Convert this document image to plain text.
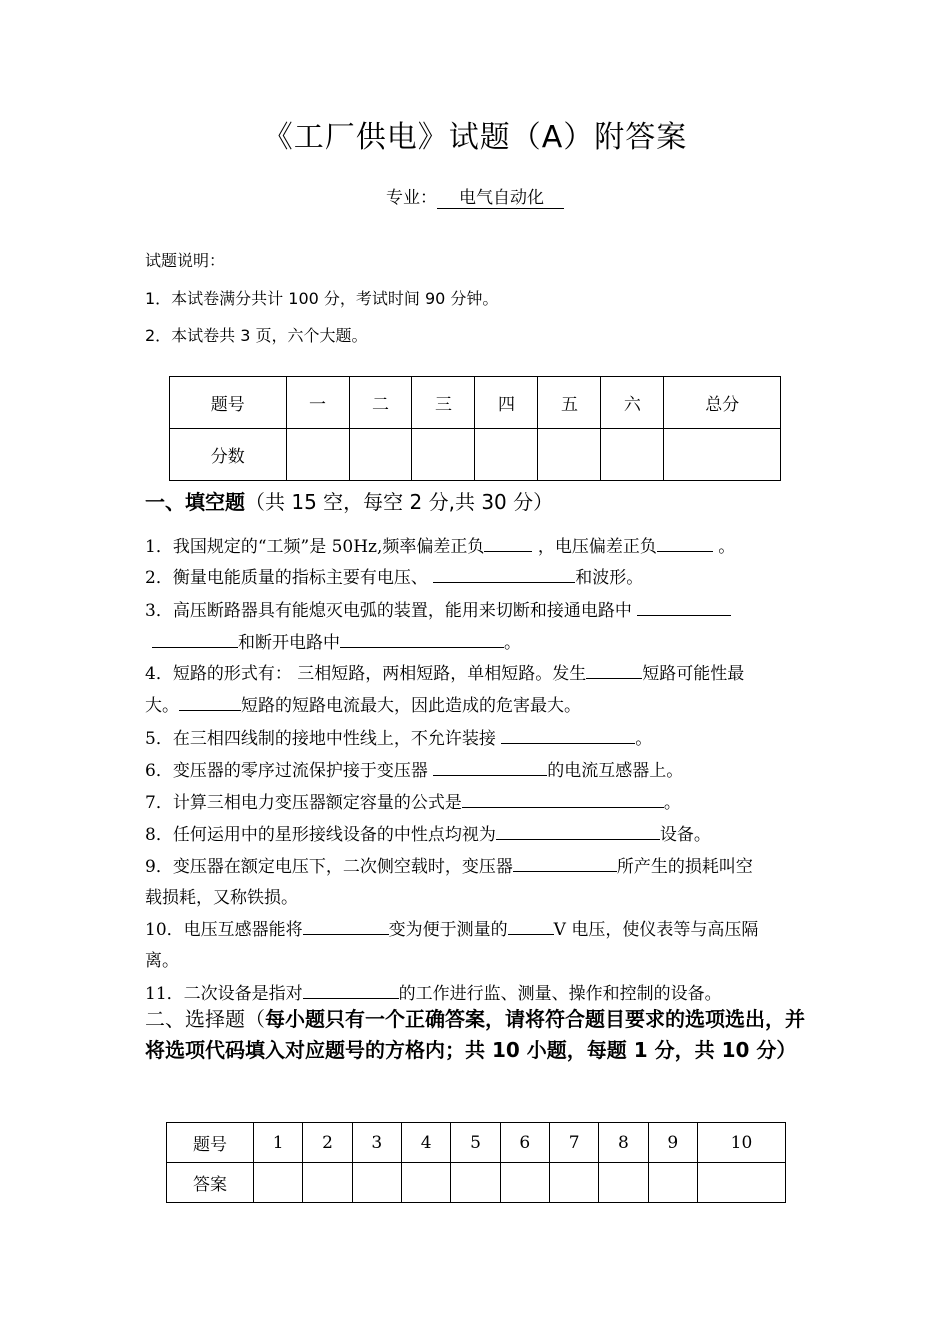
《工厂供电》试题（A）附答案
专业： 电气自动化
试题说明：
1．本试卷满分共计 100 分，考试时间 90 分钟。
2．本试卷共 3 页，六个大题。
题号	一	二	三	四	五	六	总分
分数							
一、填空题（共 15 空，每空 2 分,共 30 分）
1．我国规定的“工频”是 50Hz,频率偏差正负	，电压偏差正负	。
2．衡量电能质量的指标主要有电压、	和波形。
3．高压断路器具有能熄灭电弧的装置，能用来切断和接通电路中
和断开电路中	。
4．短路的形式有： 三相短路，两相短路，单相短路。发生	短路可能性最
大。	短路的短路电流最大，因此造成的危害最大。
5．在三相四线制的接地中性线上，不允许装接	。
6．变压器的零序过流保护接于变压器	的电流互感器上。
7．计算三相电力变压器额定容量的公式是	。
8．任何运用中的星形接线设备的中性点均视为	设备。
9．变压器在额定电压下，二次侧空载时，变压器	所产生的损耗叫空
载损耗，又称铁损。
10．电压互感器能将	变为便于测量的	V 电压，使仪表等与高压隔
离。
11．二次设备是指对	的工作进行监、测量、操作和控制的设备。
二、选择题（每小题只有一个正确答案，请将符合题目要求的选项选出，并将选项代码填入对应题号的方格内；共 10 小题，每题 1 分，共 10 分）
题号	1	2	3	4	5	6	7	8	9	10
答案										
